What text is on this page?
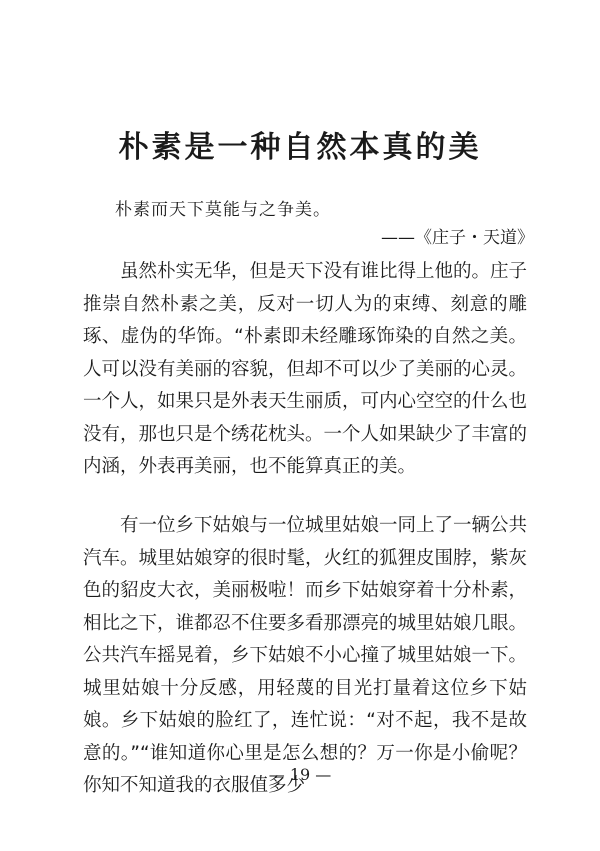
朴素是一种自然本真的美
朴素而天下莫能与之争美。
——《庄子・天道》

虽然朴实无华，但是天下没有谁比得上他的。庄子推崇自然朴素之美，反对一切人为的束缚、刻意的雕琢、虚伪的华饰。“朴素即未经雕琢饰染的自然之美。人可以没有美丽的容貌，但却不可以少了美丽的心灵。一个人，如果只是外表天生丽质，可内心空空的什么也没有，那也只是个绣花枕头。一个人如果缺少了丰富的内涵，外表再美丽，也不能算真正的美。

有一位乡下姑娘与一位城里姑娘一同上了一辆公共汽车。城里姑娘穿的很时髦，火红的狐狸皮围脖，紫灰色的貂皮大衣，美丽极啦！而乡下姑娘穿着十分朴素，相比之下，谁都忍不住要多看那漂亮的城里姑娘几眼。公共汽车摇晃着，乡下姑娘不小心撞了城里姑娘一下。城里姑娘十分反感，用轻蔑的目光打量着这位乡下姑娘。乡下姑娘的脸红了，连忙说：“对不起，我不是故意的。”“谁知道你心里是怎么想的？万一你是小偷呢？你知不知道我的衣服值多少

— 19 —
